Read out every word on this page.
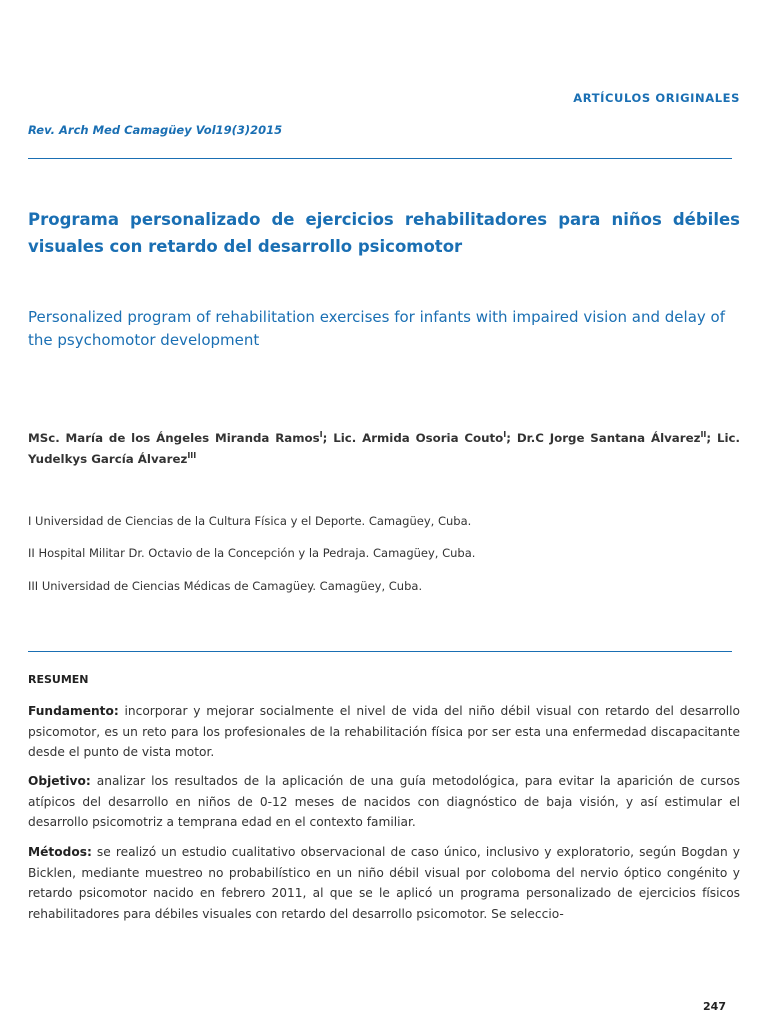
ARTÍCULOS ORIGINALES
Rev. Arch Med Camagüey Vol19(3)2015
Programa personalizado de ejercicios rehabilitadores para niños débiles visuales con retardo del desarrollo psicomotor
Personalized program of rehabilitation exercises for infants with impaired vision and delay of the psychomotor development
MSc. María de los Ángeles Miranda Ramos$^I$; Lic. Armida Osoria Couto$^I$; Dr.C Jorge Santana Álvarez$^{II}$; Lic. Yudelkys García Álvarez$^{III}$
I Universidad de Ciencias de la Cultura Física y el Deporte. Camagüey, Cuba.
II Hospital Militar Dr. Octavio de la Concepción y la Pedraja. Camagüey, Cuba.
III Universidad de Ciencias Médicas de Camagüey. Camagüey, Cuba.
RESUMEN
Fundamento: incorporar y mejorar socialmente el nivel de vida del niño débil visual con retardo del desarrollo psicomotor, es un reto para los profesionales de la rehabilitación física por ser esta una enfermedad discapacitante desde el punto de vista motor.
Objetivo: analizar los resultados de la aplicación de una guía metodológica, para evitar la aparición de cursos atípicos del desarrollo en niños de 0-12 meses de nacidos con diagnóstico de baja visión, y así estimular el desarrollo psicomotriz a temprana edad en el contexto familiar.
Métodos: se realizó un estudio cualitativo observacional de caso único, inclusivo y exploratorio, según Bogdan y Bicklen, mediante muestreo no probabilístico en un niño débil visual por coloboma del nervio óptico congénito y retardo psicomotor nacido en febrero 2011, al que se le aplicó un programa personalizado de ejercicios físicos rehabilitadores para débiles visuales con retardo del desarrollo psicomotor. Se seleccio-
247
